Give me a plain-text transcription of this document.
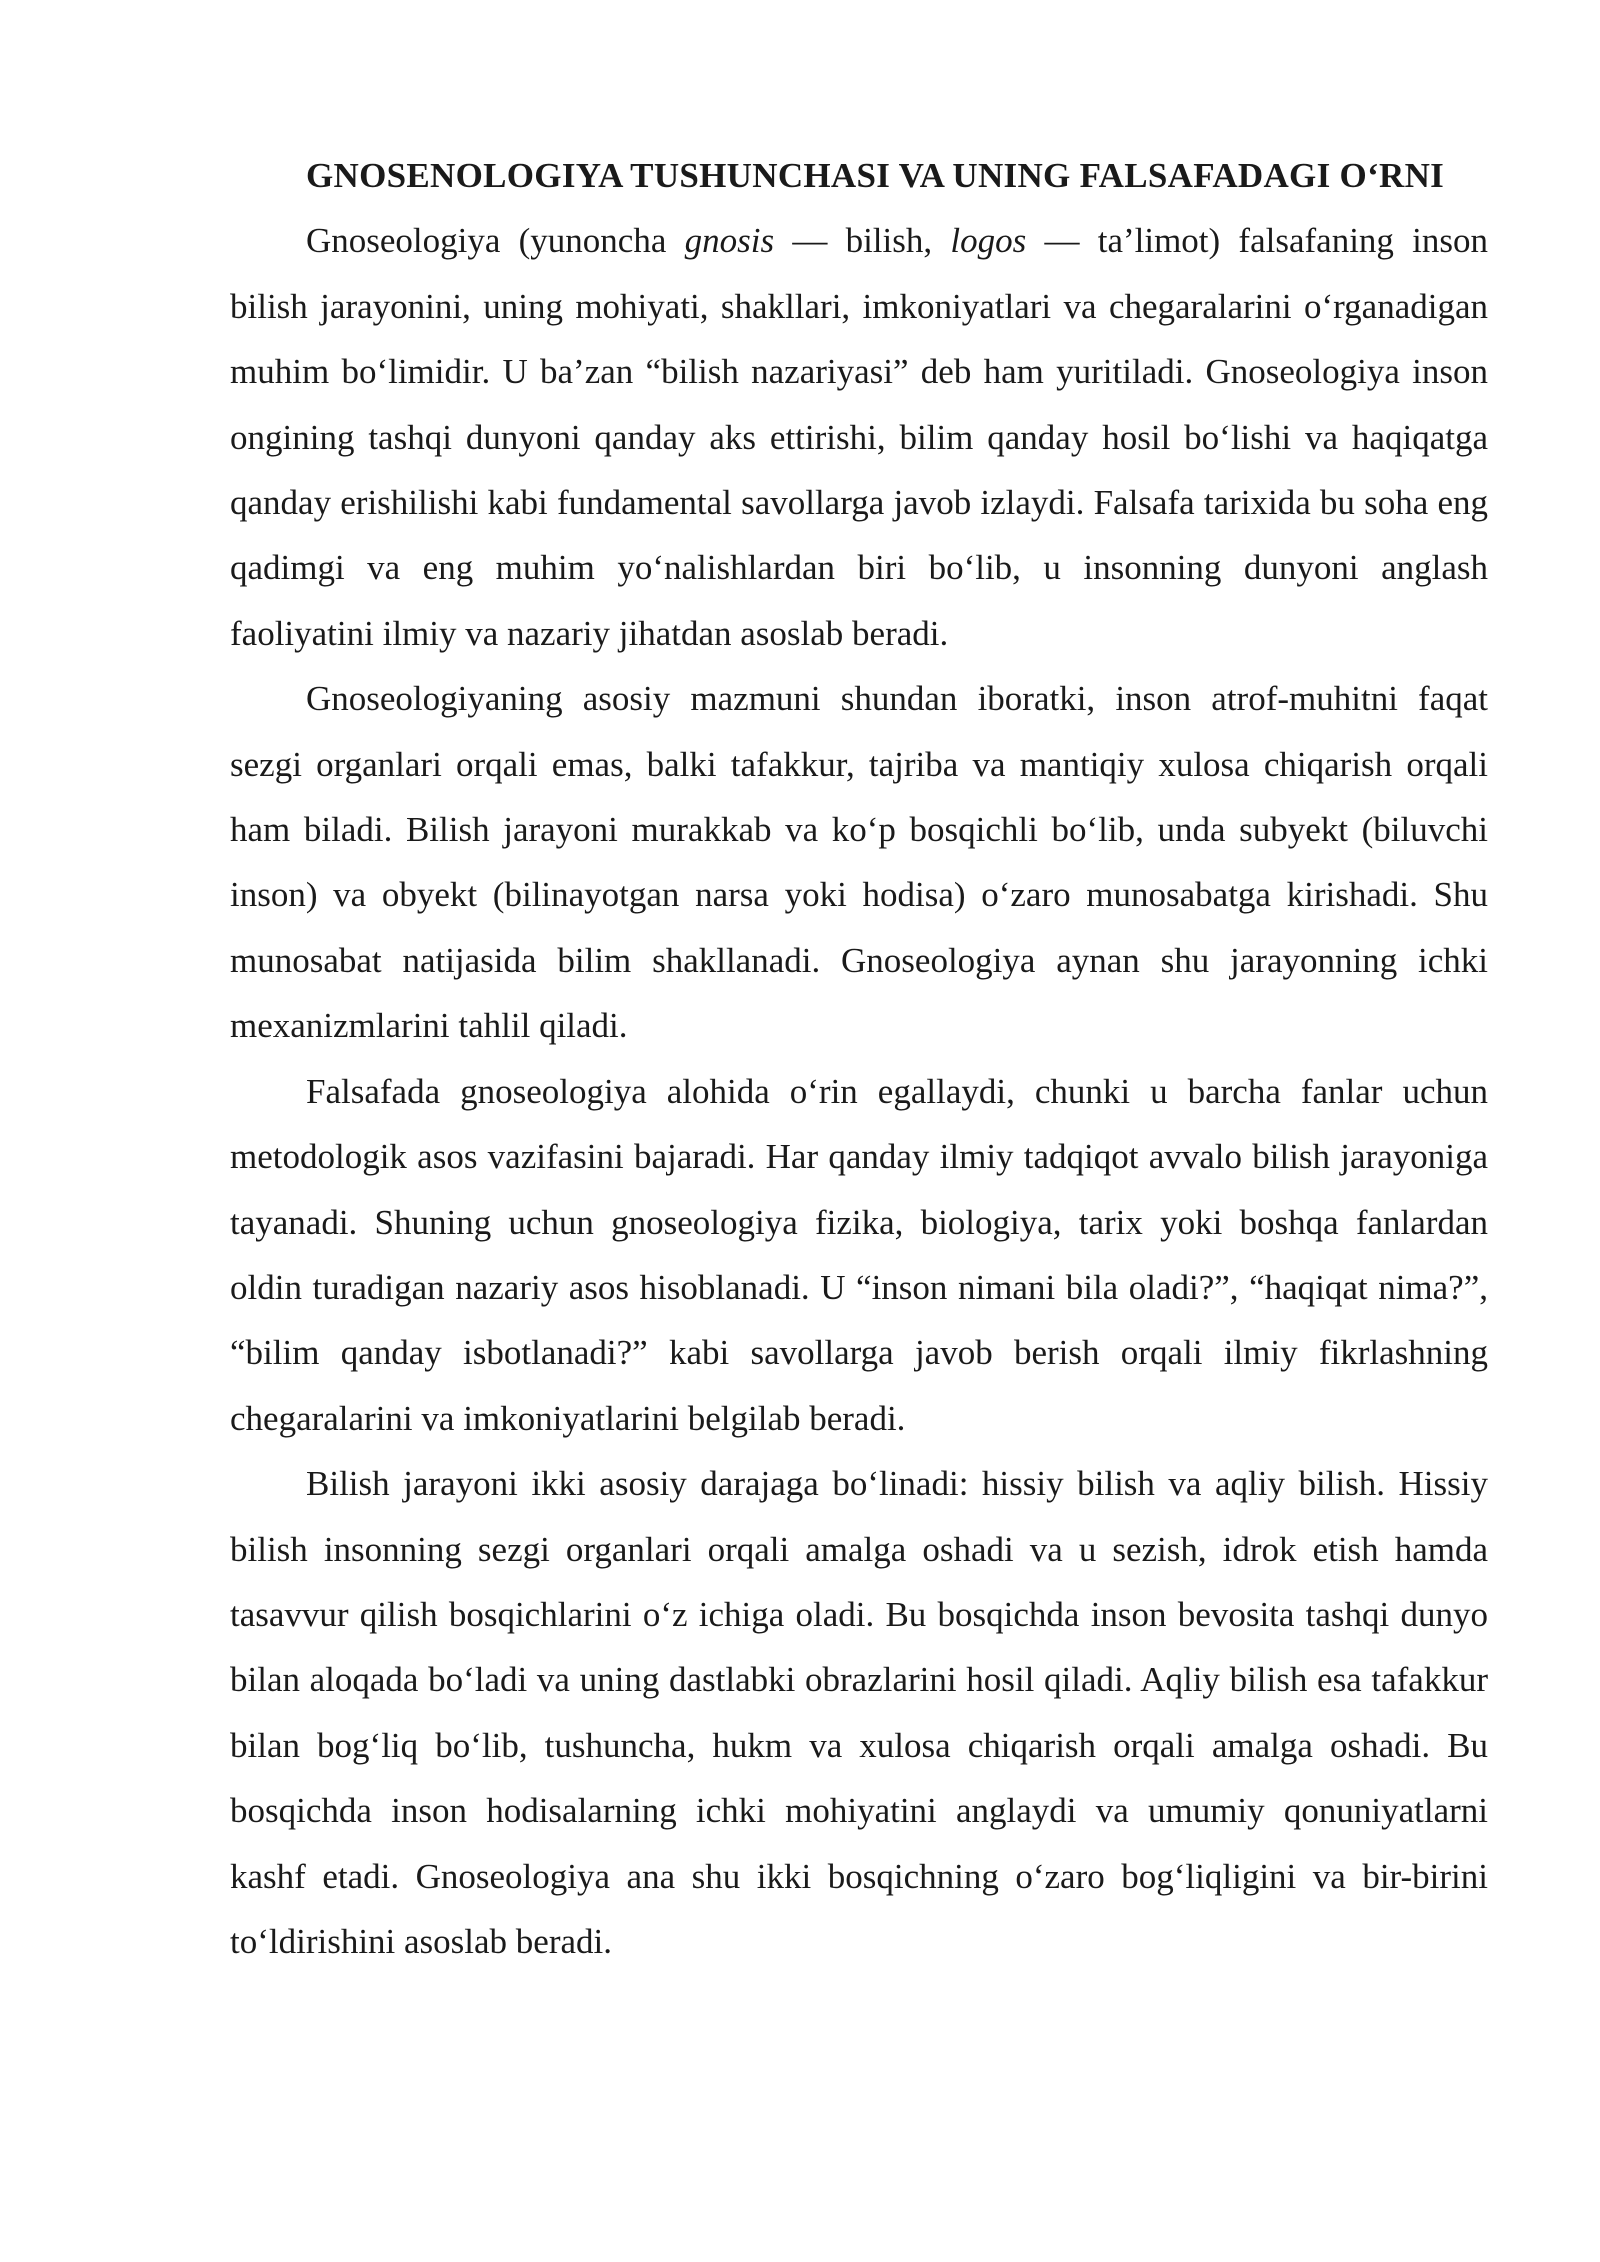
GNOSENOLOGIYA TUSHUNCHASI VA UNING FALSAFADAGI O‘RNI

Gnoseologiya (yunoncha gnosis — bilish, logos — ta’limot) falsafaning inson bilish jarayonini, uning mohiyati, shakllari, imkoniyatlari va chegaralarini o‘rganadigan muhim bo‘limidir. U ba’zan “bilish nazariyasi” deb ham yuritiladi. Gnoseologiya inson ongining tashqi dunyoni qanday aks ettirishi, bilim qanday hosil bo‘lishi va haqiqatga qanday erishilishi kabi fundamental savollarga javob izlaydi. Falsafa tarixida bu soha eng qadimgi va eng muhim yo‘nalishlardan biri bo‘lib, u insonning dunyoni anglash faoliyatini ilmiy va nazariy jihatdan asoslab beradi.

Gnoseologiyaning asosiy mazmuni shundan iboratki, inson atrof-muhitni faqat sezgi organlari orqali emas, balki tafakkur, tajriba va mantiqiy xulosa chiqarish orqali ham biladi. Bilish jarayoni murakkab va ko‘p bosqichli bo‘lib, unda subyekt (biluvchi inson) va obyekt (bilinayotgan narsa yoki hodisa) o‘zaro munosabatga kirishadi. Shu munosabat natijasida bilim shakllanadi. Gnoseologiya aynan shu jarayonning ichki mexanizmlarini tahlil qiladi.

Falsafada gnoseologiya alohida o‘rin egallaydi, chunki u barcha fanlar uchun metodologik asos vazifasini bajaradi. Har qanday ilmiy tadqiqot avvalo bilish jarayoniga tayanadi. Shuning uchun gnoseologiya fizika, biologiya, tarix yoki boshqa fanlardan oldin turadigan nazariy asos hisoblanadi. U “inson nimani bila oladi?”, “haqiqat nima?”, “bilim qanday isbotlanadi?” kabi savollarga javob berish orqali ilmiy fikrlashning chegaralarini va imkoniyatlarini belgilab beradi.

Bilish jarayoni ikki asosiy darajaga bo‘linadi: hissiy bilish va aqliy bilish. Hissiy bilish insonning sezgi organlari orqali amalga oshadi va u sezish, idrok etish hamda tasavvur qilish bosqichlarini o‘z ichiga oladi. Bu bosqichda inson bevosita tashqi dunyo bilan aloqada bo‘ladi va uning dastlabki obrazlarini hosil qiladi. Aqliy bilish esa tafakkur bilan bog‘liq bo‘lib, tushuncha, hukm va xulosa chiqarish orqali amalga oshadi. Bu bosqichda inson hodisalarning ichki mohiyatini anglaydi va umumiy qonuniyatlarni kashf etadi. Gnoseologiya ana shu ikki bosqichning o‘zaro bog‘liqligini va bir-birini to‘ldirishini asoslab beradi.
